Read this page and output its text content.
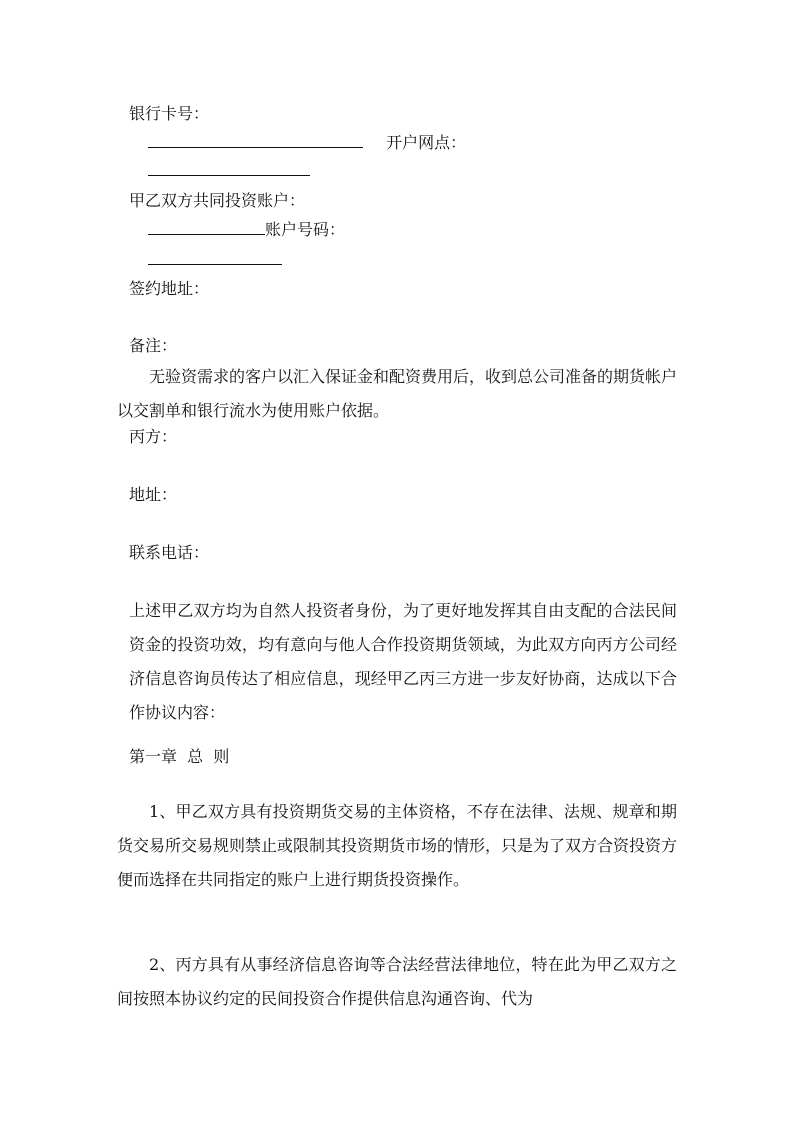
银行卡号：
开户网点：
甲乙双方共同投资账户：
账户号码：
签约地址：
备注：
无验资需求的客户以汇入保证金和配资费用后，收到总公司准备的期货帐户以交割单和银行流水为使用账户依据。
丙方：
地址：
联系电话：
上述甲乙双方均为自然人投资者身份，为了更好地发挥其自由支配的合法民间资金的投资功效，均有意向与他人合作投资期货领域，为此双方向丙方公司经济信息咨询员传达了相应信息，现经甲乙丙三方进一步友好协商，达成以下合作协议内容：
第一章  总  则
1、甲乙双方具有投资期货交易的主体资格，不存在法律、法规、规章和期货交易所交易规则禁止或限制其投资期货市场的情形，只是为了双方合资投资方便而选择在共同指定的账户上进行期货投资操作。
2、丙方具有从事经济信息咨询等合法经营法律地位，特在此为甲乙双方之间按照本协议约定的民间投资合作提供信息沟通咨询、代为
